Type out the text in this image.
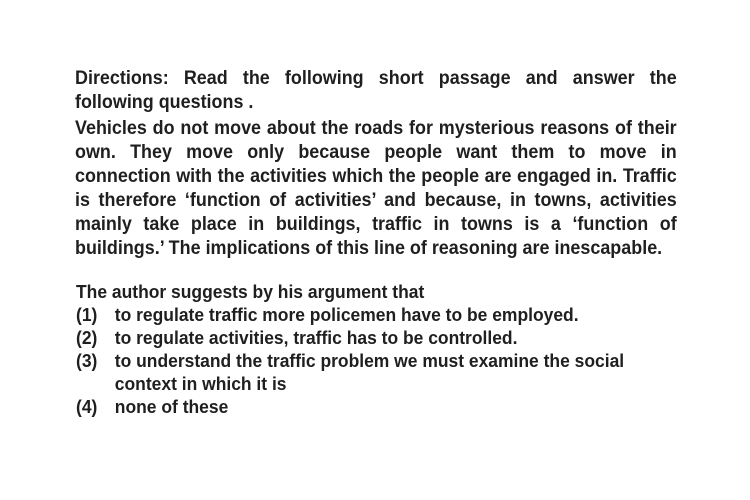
Directions: Read the following short passage and answer the following questions .

Vehicles do not move about the roads for mysterious reasons of their own. They move only because people want them to move in connection with the activities which the people are engaged in. Traffic is therefore ‘function of activities’ and because, in towns, activities mainly take place in buildings, traffic in towns is a ‘function of buildings.’ The implications of this line of reasoning are inescapable.

The author suggests by his argument that
(1) to regulate traffic more policemen have to be employed.
(2) to regulate activities, traffic has to be controlled.
(3) to understand the traffic problem we must examine the social context in which it is
(4) none of these
